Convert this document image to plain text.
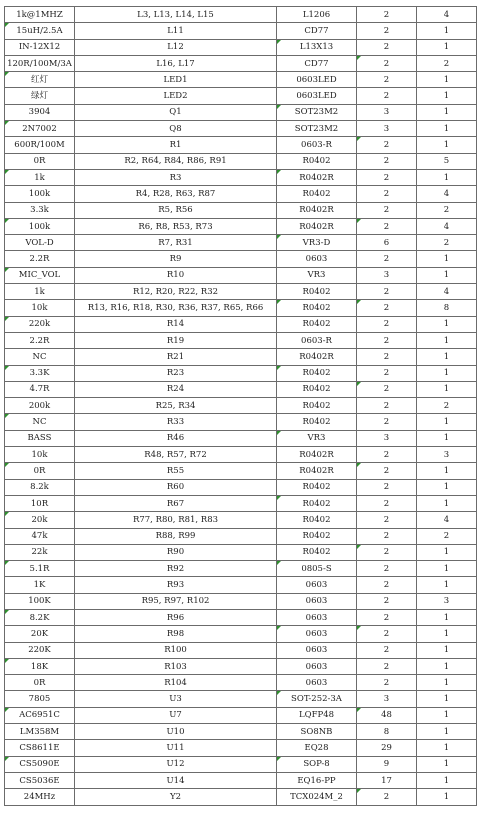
1k@1MHZ	L3, L13, L14, L15	L1206	2	4
15uH/2.5A	L11	CD77	2	1
IN-12X12	L12	L13X13	2	1
120R/100M/3A	L16, L17	CD77	2	2
红灯	LED1	0603LED	2	1
绿灯	LED2	0603LED	2	1
3904	Q1	SOT23M2	3	1
2N7002	Q8	SOT23M2	3	1
600R/100M	R1	0603-R	2	1
0R	R2, R64, R84, R86, R91	R0402	2	5
1k	R3	R0402R	2	1
100k	R4, R28, R63, R87	R0402	2	4
3.3k	R5, R56	R0402R	2	2
100k	R6, R8, R53, R73	R0402R	2	4
VOL-D	R7, R31	VR3-D	6	2
2.2R	R9	0603	2	1
MIC_VOL	R10	VR3	3	1
1k	R12, R20, R22, R32	R0402	2	4
10k	R13, R16, R18, R30, R36, R37, R65, R66	R0402	2	8
220k	R14	R0402	2	1
2.2R	R19	0603-R	2	1
NC	R21	R0402R	2	1
3.3K	R23	R0402	2	1
4.7R	R24	R0402	2	1
200k	R25, R34	R0402	2	2
NC	R33	R0402	2	1
BASS	R46	VR3	3	1
10k	R48, R57, R72	R0402R	2	3
0R	R55	R0402R	2	1
8.2k	R60	R0402	2	1
10R	R67	R0402	2	1
20k	R77, R80, R81, R83	R0402	2	4
47k	R88, R99	R0402	2	2
22k	R90	R0402	2	1
5.1R	R92	0805-S	2	1
1K	R93	0603	2	1
100K	R95, R97, R102	0603	2	3
8.2K	R96	0603	2	1
20K	R98	0603	2	1
220K	R100	0603	2	1
18K	R103	0603	2	1
0R	R104	0603	2	1
7805	U3	SOT-252-3A	3	1
AC6951C	U7	LQFP48	48	1
LM358M	U10	SO8NB	8	1
CS8611E	U11	EQ28	29	1
CS5090E	U12	SOP-8	9	1
CS5036E	U14	EQ16-PP	17	1
24MHz	Y2	TCX024M_2	2	1
